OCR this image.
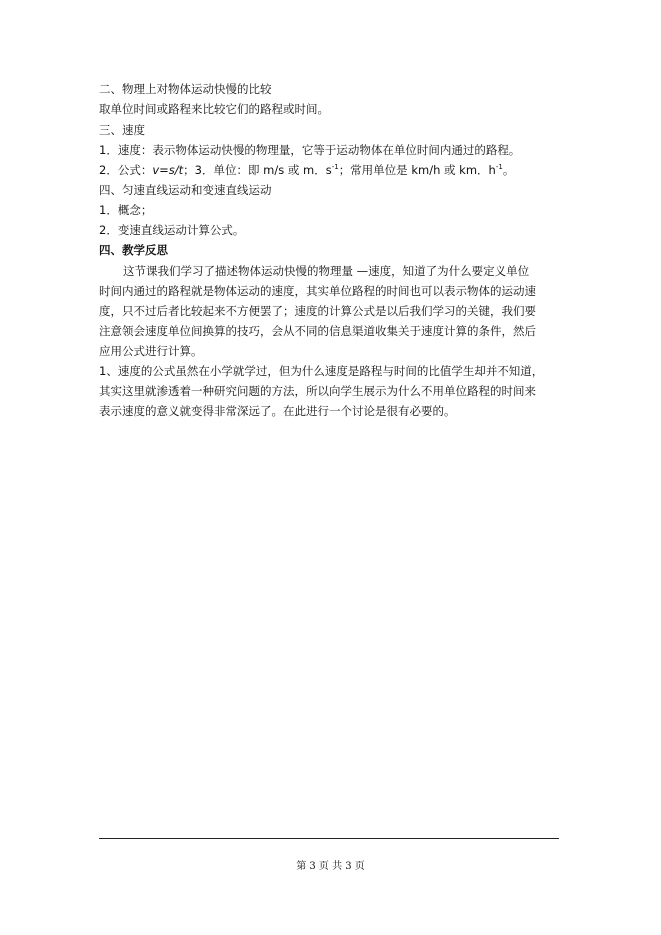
二、物理上对物体运动快慢的比较
取单位时间或路程来比较它们的路程或时间。
三、速度
1．速度：表示物体运动快慢的物理量，它等于运动物体在单位时间内通过的路程。
2．公式：v=s/t；3．单位：即 m/s 或 m．$s^{-1}$；常用单位是 km/h 或 km．$h^{-1}$。
四、匀速直线运动和变速直线运动
1．概念；
2．变速直线运动计算公式。
四、教学反思
这节课我们学习了描述物体运动快慢的物理量 —速度，知道了为什么要定义单位
时间内通过的路程就是物体运动的速度，其实单位路程的时间也可以表示物体的运动速
度，只不过后者比较起来不方便罢了；速度的计算公式是以后我们学习的关键，我们要
注意领会速度单位间换算的技巧，会从不同的信息渠道收集关于速度计算的条件，然后
应用公式进行计算。
1、速度的公式虽然在小学就学过，但为什么速度是路程与时间的比值学生却并不知道，
其实这里就渗透着一种研究问题的方法，所以向学生展示为什么不用单位路程的时间来
表示速度的意义就变得非常深远了。在此进行一个讨论是很有必要的。
第 3 页 共 3 页
